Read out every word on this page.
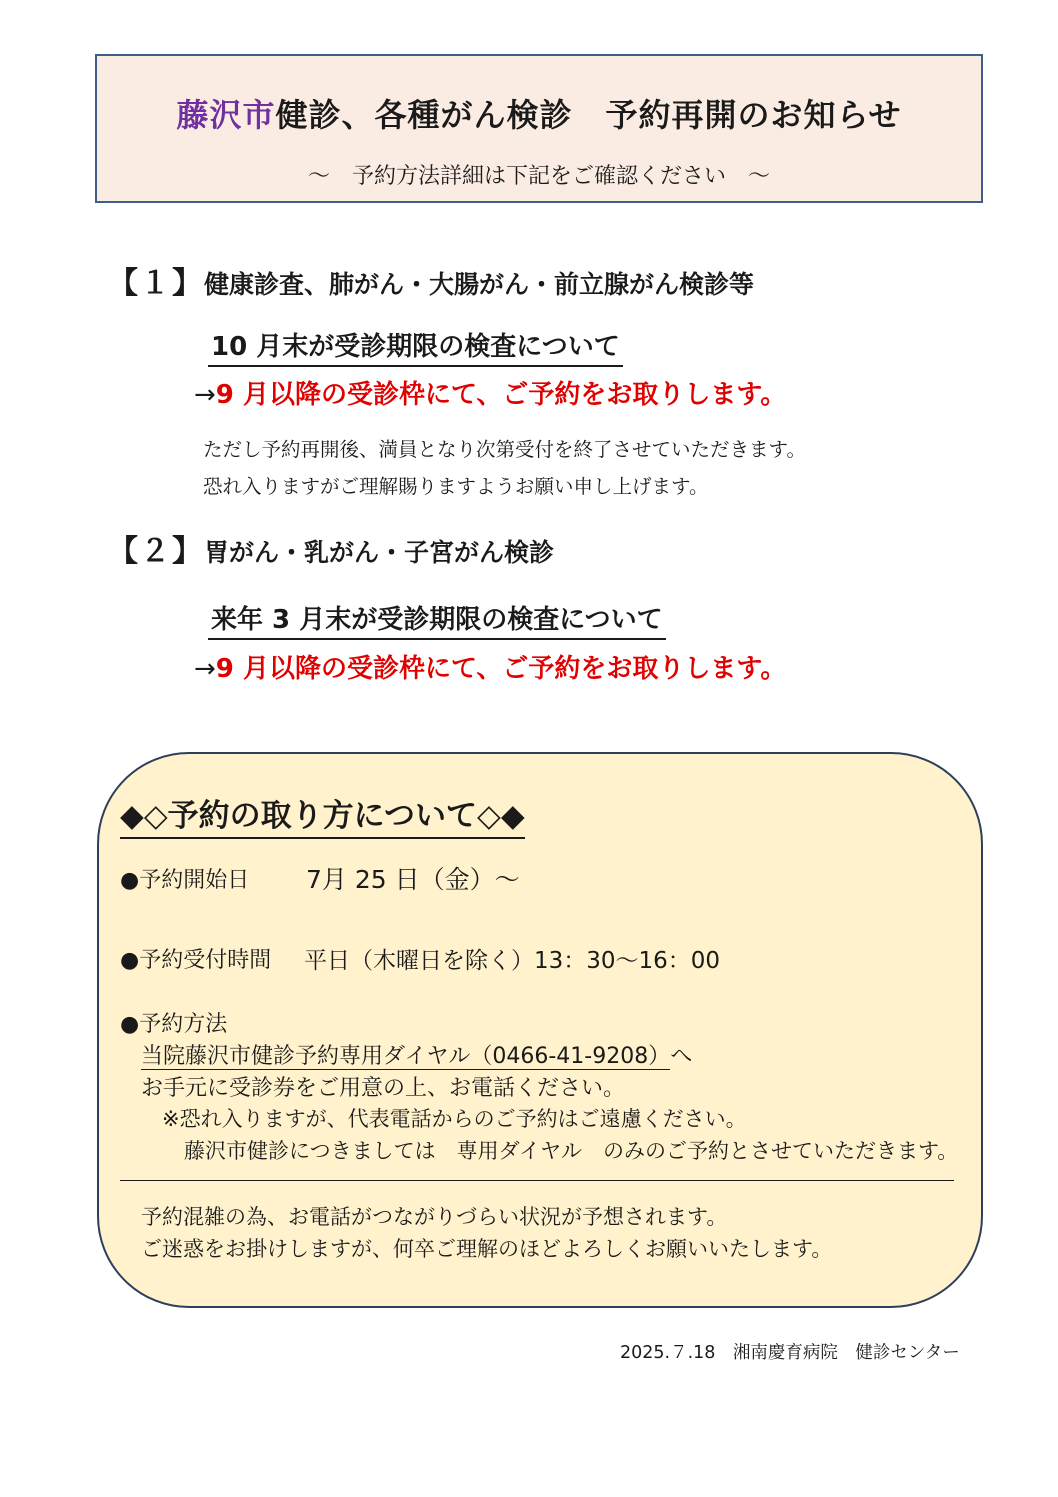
藤沢市健診、各種がん検診　予約再開のお知らせ
～　予約方法詳細は下記をご確認ください　～
【１】健康診査、肺がん・大腸がん・前立腺がん検診等
10 月末が受診期限の検査について
→9 月以降の受診枠にて、ご予約をお取りします。
ただし予約再開後、満員となり次第受付を終了させていただきます。
恐れ入りますがご理解賜りますようお願い申し上げます。
【２】胃がん・乳がん・子宮がん検診
来年 3 月末が受診期限の検査について
→9 月以降の受診枠にて、ご予約をお取りします。
◆◇予約の取り方について◇◆
●予約開始日 7月 25 日（金）～
●予約受付時間 平日（木曜日を除く）13：30～16：00
●予約方法
当院藤沢市健診予約専用ダイヤル（0466-41-9208）へ
お手元に受診券をご用意の上、お電話ください。
※恐れ入りますが、代表電話からのご予約はご遠慮ください。
藤沢市健診につきましては　専用ダイヤル　のみのご予約とさせていただきます。
予約混雑の為、お電話がつながりづらい状況が予想されます。
ご迷惑をお掛けしますが、何卒ご理解のほどよろしくお願いいたします。
2025.７.18　湘南慶育病院　健診センター
